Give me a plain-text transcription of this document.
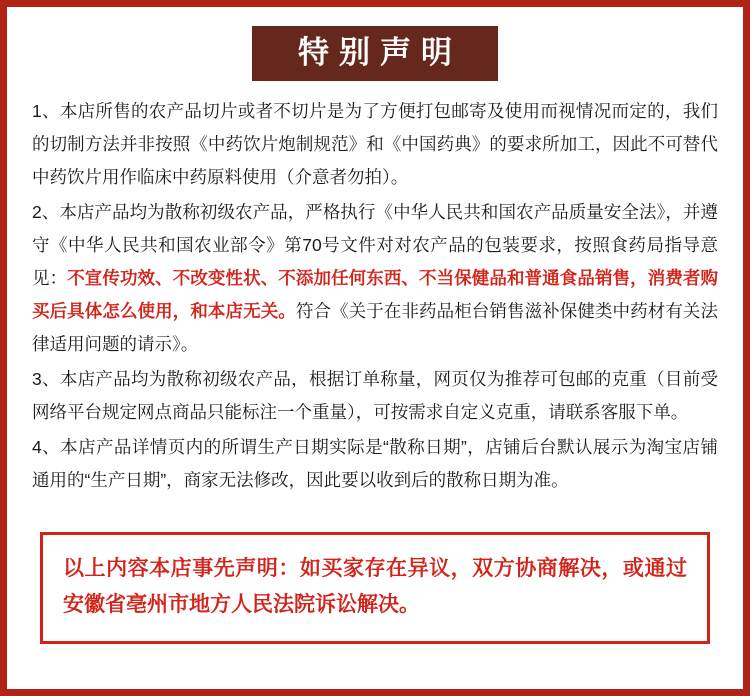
特别声明

1、本店所售的农产品切片或者不切片是为了方便打包邮寄及使用而视情况而定的，我们的切制方法并非按照《中药饮片炮制规范》和《中国药典》的要求所加工，因此不可替代中药饮片用作临床中药原料使用（介意者勿拍）。

2、本店产品均为散称初级农产品，严格执行《中华人民共和国农产品质量安全法》，并遵守《中华人民共和国农业部令》第70号文件对对农产品的包装要求，按照食药局指导意见：不宣传功效、不改变性状、不添加任何东西、不当保健品和普通食品销售，消费者购买后具体怎么使用，和本店无关。符合《关于在非药品柜台销售滋补保健类中药材有关法律适用问题的请示》。

3、本店产品均为散称初级农产品，根据订单称量，网页仅为推荐可包邮的克重（目前受网络平台规定网点商品只能标注一个重量），可按需求自定义克重，请联系客服下单。

4、本店产品详情页内的所谓生产日期实际是“散称日期”，店铺后台默认展示为淘宝店铺通用的“生产日期”，商家无法修改，因此要以收到后的散称日期为准。

以上内容本店事先声明：如买家存在异议，双方协商解决，或通过安徽省亳州市地方人民法院诉讼解决。
